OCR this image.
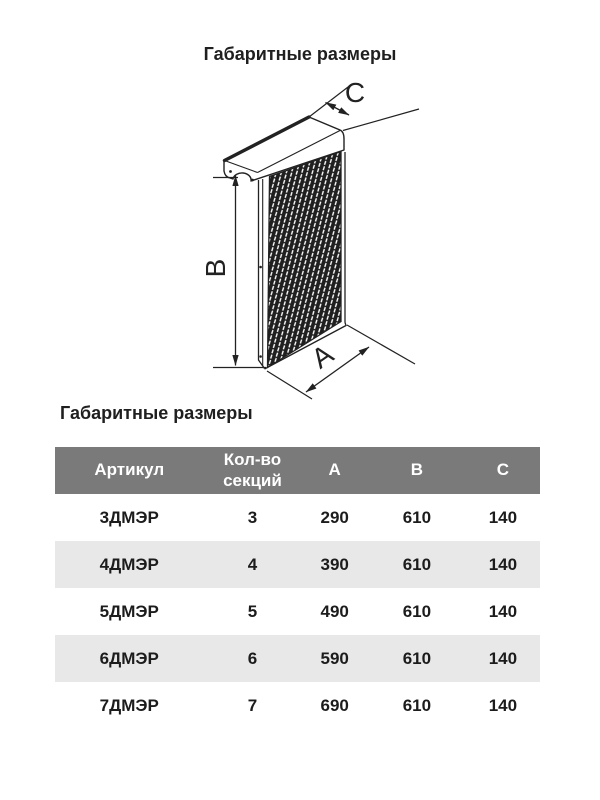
Габаритные размеры
B
A
C
Габаритные размеры
Артикул	Кол-во секций	А	В	С
3ДМЭР	3	290	610	140
4ДМЭР	4	390	610	140
5ДМЭР	5	490	610	140
6ДМЭР	6	590	610	140
7ДМЭР	7	690	610	140
